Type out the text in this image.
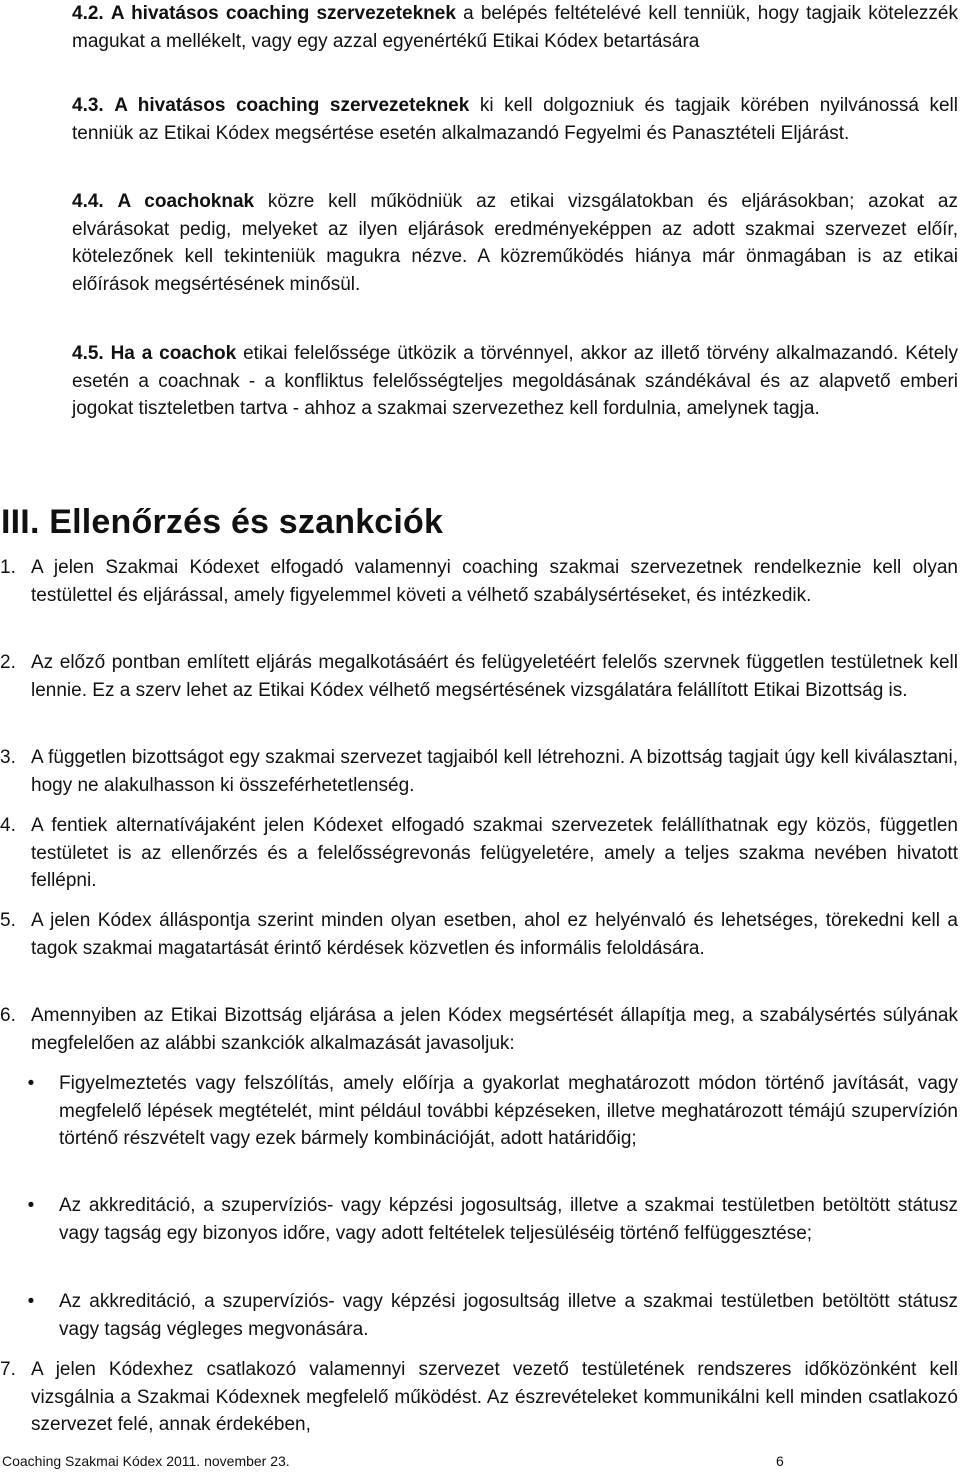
4.2. A hivatásos coaching szervezeteknek a belépés feltételévé kell tenniük, hogy tagjaik kötelezzék magukat a mellékelt, vagy egy azzal egyenértékű Etikai Kódex betartására

4.3. A hivatásos coaching szervezeteknek ki kell dolgozniuk és tagjaik körében nyilvánossá kell tenniük az Etikai Kódex megsértése esetén alkalmazandó Fegyelmi és Panasztételi Eljárást.

4.4. A coachoknak közre kell működniük az etikai vizsgálatokban és eljárásokban; azokat az elvárásokat pedig, melyeket az ilyen eljárások eredményeképpen az adott szakmai szervezet előír, kötelezőnek kell tekinteniük magukra nézve. A közreműködés hiánya már önmagában is az etikai előírások megsértésének minősül.

4.5. Ha a coachok etikai felelőssége ütközik a törvénnyel, akkor az illető törvény alkalmazandó. Kétely esetén a coachnak - a konfliktus felelősségteljes megoldásának szándékával és az alapvető emberi jogokat tiszteletben tartva - ahhoz a szakmai szervezethez kell fordulnia, amelynek tagja.

III. Ellenőrzés és szankciók

1. A jelen Szakmai Kódexet elfogadó valamennyi coaching szakmai szervezetnek rendelkeznie kell olyan testülettel és eljárással, amely figyelemmel követi a vélhető szabálysértéseket, és intézkedik.

2. Az előző pontban említett eljárás megalkotásáért és felügyeletéért felelős szervnek független testületnek kell lennie. Ez a szerv lehet az Etikai Kódex vélhető megsértésének vizsgálatára felállított Etikai Bizottság is.

3. A független bizottságot egy szakmai szervezet tagjaiból kell létrehozni. A bizottság tagjait úgy kell kiválasztani, hogy ne alakulhasson ki összeférhetetlenség.

4. A fentiek alternatívájaként jelen Kódexet elfogadó szakmai szervezetek felállíthatnak egy közös, független testületet is az ellenőrzés és a felelősségrevonás felügyeletére, amely a teljes szakma nevében hivatott fellépni.

5. A jelen Kódex álláspontja szerint minden olyan esetben, ahol ez helyénvaló és lehetséges, törekedni kell a tagok szakmai magatartását érintő kérdések közvetlen és informális feloldására.

6. Amennyiben az Etikai Bizottság eljárása a jelen Kódex megsértését állapítja meg, a szabálysértés súlyának megfelelően az alábbi szankciók alkalmazását javasoljuk:

• Figyelmeztetés vagy felszólítás, amely előírja a gyakorlat meghatározott módon történő javítását, vagy megfelelő lépések megtételét, mint például további képzéseken, illetve meghatározott témájú szupervízión történő részvételt vagy ezek bármely kombinációját, adott határidőig;

• Az akkreditáció, a szupervíziós- vagy képzési jogosultság, illetve a szakmai testületben betöltött státusz vagy tagság egy bizonyos időre, vagy adott feltételek teljesüléséig történő felfüggesztése;

• Az akkreditáció, a szupervíziós- vagy képzési jogosultság illetve a szakmai testületben betöltött státusz vagy tagság végleges megvonására.

7. A jelen Kódexhez csatlakozó valamennyi szervezet vezető testületének rendszeres időközönként kell vizsgálnia a Szakmai Kódexnek megfelelő működést. Az észrevételeket kommunikálni kell minden csatlakozó szervezet felé, annak érdekében,

Coaching Szakmai Kódex 2011. november 23.	6
